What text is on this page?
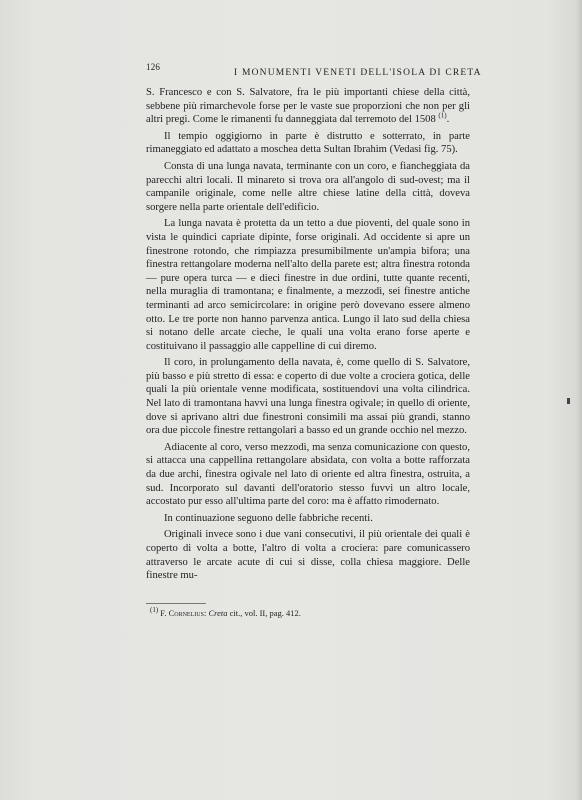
126
I MONUMENTI VENETI DELL'ISOLA DI CRETA

S. Francesco e con S. Salvatore, fra le più importanti chiese della città, sebbene più rimarchevole forse per le vaste sue proporzioni che non per gli altri pregi. Come le rimanenti fu danneggiata dal terremoto del 1508 $^{(1)}$.

Il tempio oggigiorno in parte è distrutto e sotterrato, in parte rimaneggiato ed adattato a moschea detta Sultan Ibrahim (Vedasi fig. 75).

Consta di una lunga navata, terminante con un coro, e fiancheggiata da parecchi altri locali. Il minareto si trova ora all'angolo di sud-ovest; ma il campanile originale, come nelle altre chiese latine della città, doveva sorgere nella parte orientale dell'edificio.

La lunga navata è protetta da un tetto a due pioventi, del quale sono in vista le quindici capriate dipinte, forse originali. Ad occidente si apre un finestrone rotondo, che rimpiazza presumibilmente un'ampia bifora; una finestra rettangolare moderna nell'alto della parete est; altra finestra rotonda — pure opera turca — e dieci finestre in due ordini, tutte quante recenti, nella muraglia di tramontana; e finalmente, a mezzodì, sei finestre antiche terminanti ad arco semicircolare: in origine però dovevano essere almeno otto. Le tre porte non hanno parvenza antica. Lungo il lato sud della chiesa si notano delle arcate cieche, le quali una volta erano forse aperte e costituivano il passaggio alle cappelline di cui diremo.

Il coro, in prolungamento della navata, è, come quello di S. Salvatore, più basso e più stretto di essa: e coperto di due volte a crociera gotica, delle quali la più orientale venne modificata, sostituendovi una volta cilindrica. Nel lato di tramontana havvi una lunga finestra ogivale; in quello di oriente, dove si aprivano altri due finestroni consimili ma assai più grandi, stanno ora due piccole finestre rettangolari a basso ed un grande occhio nel mezzo.

Adiacente al coro, verso mezzodì, ma senza comunicazione con questo, si attacca una cappellina rettangolare absidata, con volta a botte rafforzata da due archi, finestra ogivale nel lato di oriente ed altra finestra, ostruita, a sud. Incorporato sul davanti dell'oratorio stesso fuvvi un altro locale, accostato pur esso all'ultima parte del coro: ma è affatto rimodernato.

In continuazione seguono delle fabbriche recenti.

Originali invece sono i due vani consecutivi, il più orientale dei quali è coperto di volta a botte, l'altro di volta a crociera: pare comunicassero attraverso le arcate acute di cui si disse, colla chiesa maggiore. Delle finestre mu-

$^{(1)}$ F. Cornelius: Creta cit., vol. II, pag. 412.
